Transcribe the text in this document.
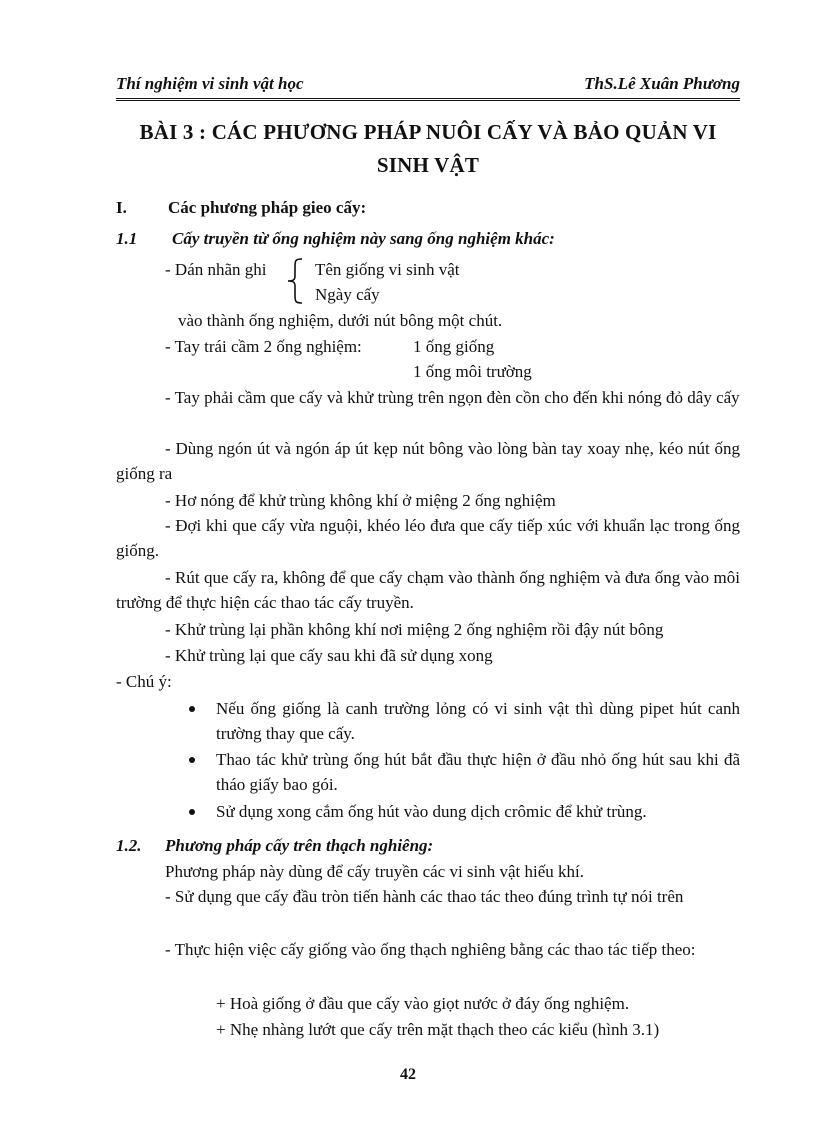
Thí nghiệm vi sinh vật học	ThS.Lê Xuân Phương
BÀI 3 : CÁC PHƯƠNG PHÁP NUÔI CẤY VÀ BẢO QUẢN VI
SINH VẬT
I. Các phương pháp gieo cấy:
1.1 Cấy truyền từ ống nghiệm này sang ống nghiệm khác:
- Dán nhãn ghi	Tên giống vi sinh vật
Ngày cấy
vào thành ống nghiệm, dưới nút bông một chút.
- Tay trái cầm 2 ống nghiệm:	1 ống giống
1 ống môi trường
- Tay phải cầm que cấy và khử trùng trên ngọn đèn cồn cho đến khi nóng đỏ dây cấy
- Dùng ngón út và ngón áp út kẹp nút bông vào lòng bàn tay xoay nhẹ, kéo nút ống giống ra
- Hơ nóng để khử trùng không khí ở miệng 2 ống nghiệm
- Đợi khi que cấy vừa nguội, khéo léo đưa que cấy tiếp xúc với khuẩn lạc trong ống giống.
- Rút que cấy ra, không để que cấy chạm vào thành ống nghiệm và đưa ống vào môi trường để thực hiện các thao tác cấy truyền.
- Khử trùng lại phần không khí nơi miệng 2 ống nghiệm rồi đậy nút bông
- Khử trùng lại que cấy sau khi đã sử dụng xong
- Chú ý:
Nếu ống giống là canh trường lỏng có vi sinh vật thì dùng pipet hút canh trường thay que cấy.
Thao tác khử trùng ống hút bắt đầu thực hiện ở đầu nhỏ ống hút sau khi đã tháo giấy bao gói.
Sử dụng xong cắm ống hút vào dung dịch crômic để khử trùng.
1.2. Phương pháp cấy trên thạch nghiêng:
Phương pháp này dùng để cấy truyền các vi sinh vật hiếu khí.
- Sử dụng que cấy đầu tròn tiến hành các thao tác theo đúng trình tự nói trên
- Thực hiện việc cấy giống vào ống thạch nghiêng bằng các thao tác tiếp theo:
+ Hoà giống ở đầu que cấy vào giọt nước ở đáy ống nghiệm.
+ Nhẹ nhàng lướt que cấy trên mặt thạch theo các kiểu (hình 3.1)
42
